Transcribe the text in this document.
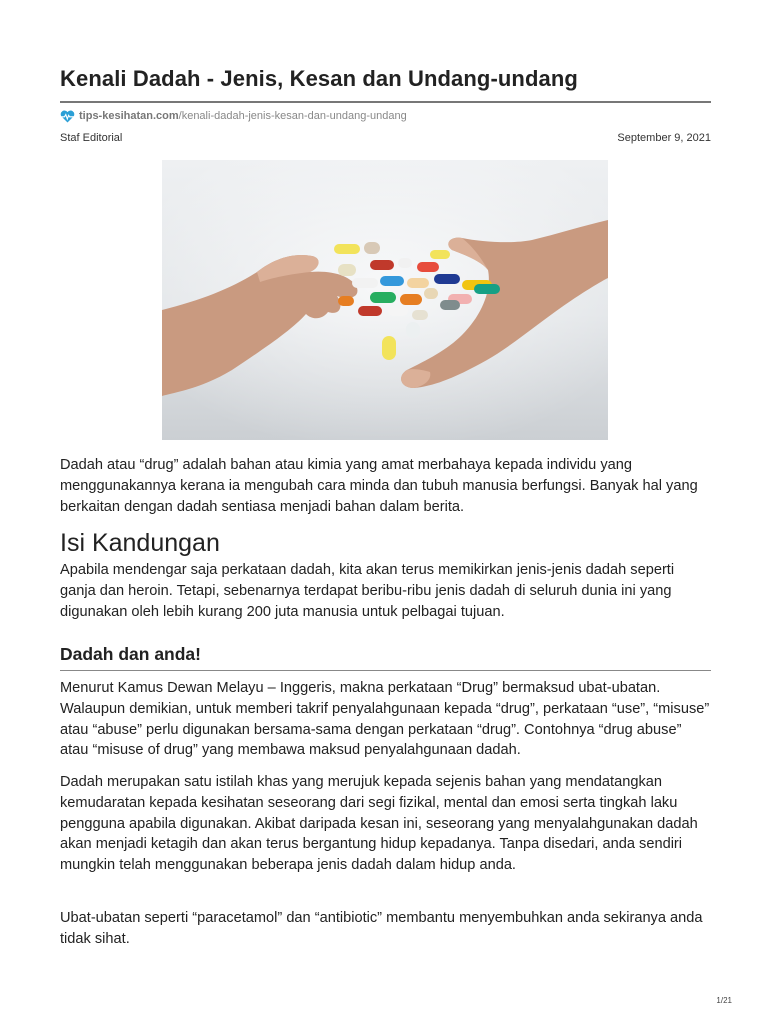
Kenali Dadah - Jenis, Kesan dan Undang-undang
tips-kesihatan.com /kenali-dadah-jenis-kesan-dan-undang-undang
Staf Editorial	September 9, 2021

Dadah atau “drug” adalah bahan atau kimia yang amat merbahaya kepada individu yang menggunakannya kerana ia mengubah cara minda dan tubuh manusia berfungsi. Banyak hal yang berkaitan dengan dadah sentiasa menjadi bahan dalam berita.

Isi Kandungan

Apabila mendengar saja perkataan dadah, kita akan terus memikirkan jenis-jenis dadah seperti ganja dan heroin. Tetapi, sebenarnya terdapat beribu-ribu jenis dadah di seluruh dunia ini yang digunakan oleh lebih kurang 200 juta manusia untuk pelbagai tujuan.

Dadah dan anda!

Menurut Kamus Dewan Melayu – Inggeris, makna perkataan “Drug” bermaksud ubat-ubatan. Walaupun demikian, untuk memberi takrif penyalahgunaan kepada “drug”, perkataan “use”, “misuse” atau “abuse” perlu digunakan bersama-sama dengan perkataan “drug”. Contohnya “drug abuse” atau “misuse of drug” yang membawa maksud penyalahgunaan dadah.

Dadah merupakan satu istilah khas yang merujuk kepada sejenis bahan yang mendatangkan kemudaratan kepada kesihatan seseorang dari segi fizikal, mental dan emosi serta tingkah laku pengguna apabila digunakan. Akibat daripada kesan ini, seseorang yang menyalahgunakan dadah akan menjadi ketagih dan akan terus bergantung hidup kepadanya. Tanpa disedari, anda sendiri mungkin telah menggunakan beberapa jenis dadah dalam hidup anda.

Ubat-ubatan seperti “paracetamol” dan “antibiotic” membantu menyembuhkan anda sekiranya anda tidak sihat.

1/21
